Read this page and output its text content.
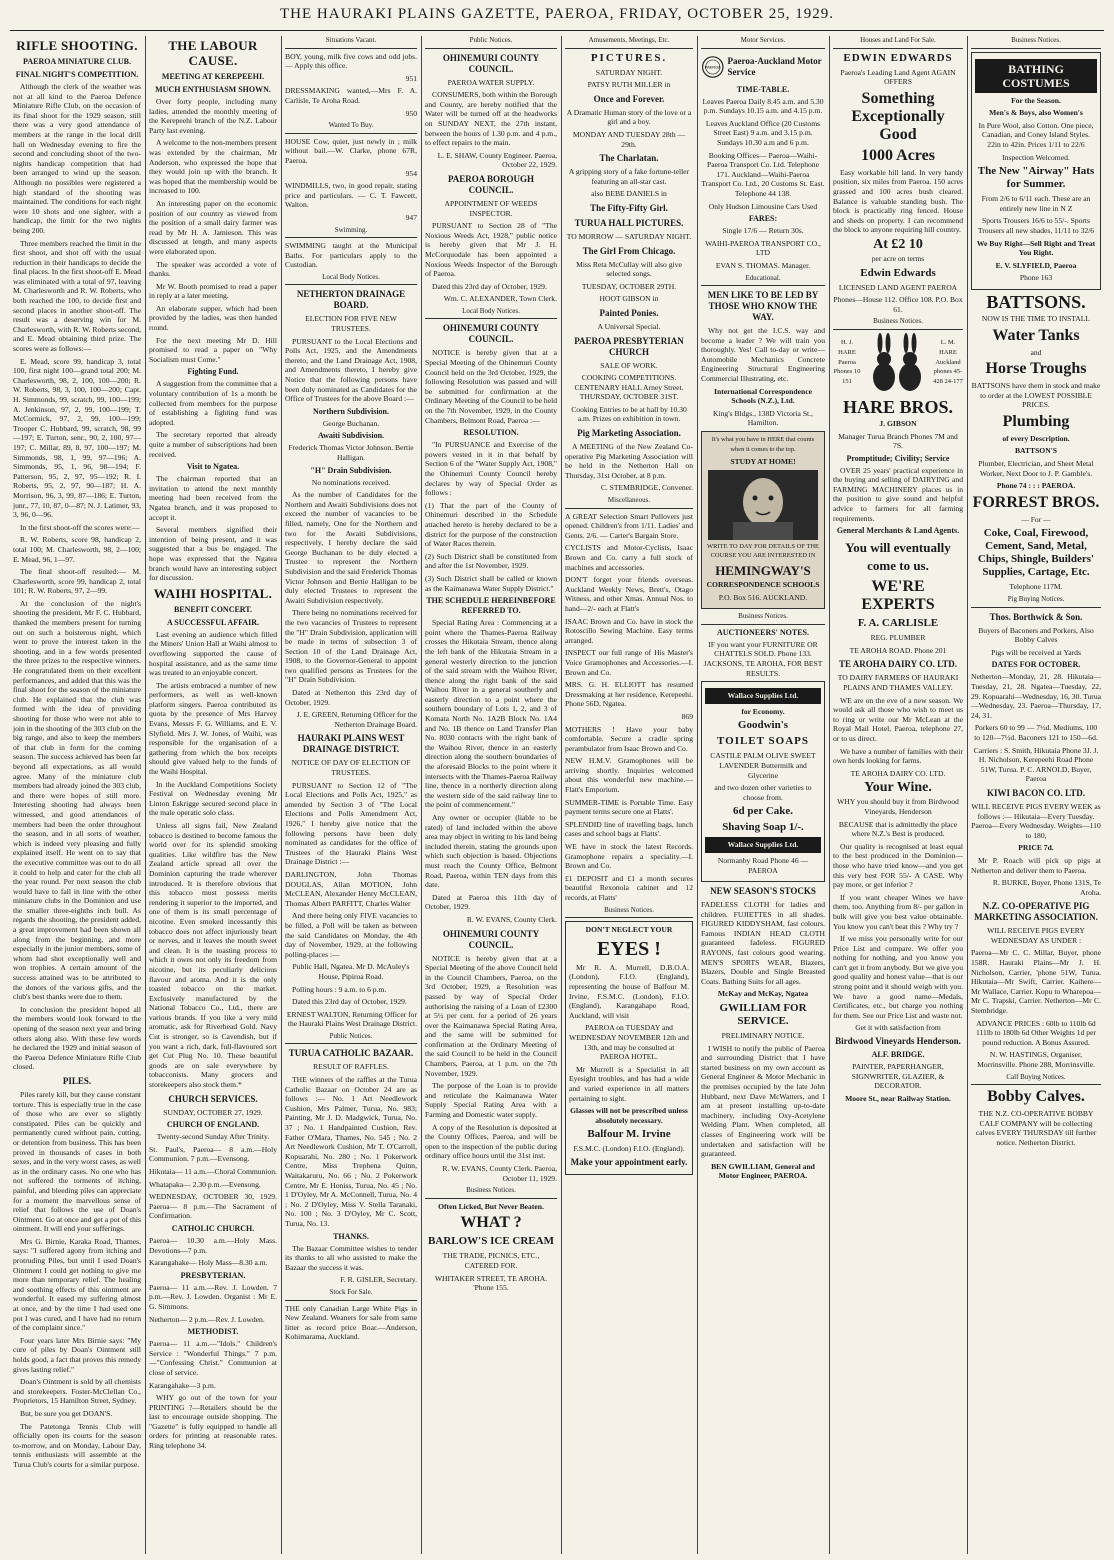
THE HAURAKI PLAINS GAZETTE, PAEROA, FRIDAY, OCTOBER 25, 1929.
RIFLE SHOOTING.
PAEROA MINIATURE CLUB.
FINAL NIGHT'S COMPETITION.

Although the clerk of the weather was not at all kind to the Paeroa Defence Miniature Rifle Club, on the occasion of its final shoot for the 1929 season, still there was a very good attendance of members at the range in the local drill hall on Wednesday evening to fire the second and concluding shoot of the two-nights handicap competition that had been arranged to wind up the season. Although no possibles were registered a high standard of the shooting was maintained. The conditions for each night were 10 shots and one sighter, with a handicap, the limit for the two nights being 200.

Three members reached the limit in the first shoot, and shot off with the usual reduction in their handicaps to decide the final places. In the first shoot-off E. Mead was eliminated with a total of 97, leaving M. Charlesworth and R. W. Roberts, who both reached the 100, to decide first and second places in another shoot-off. The result was a deserving win for M. Charlesworth, with R. W. Roberts second, and E. Mead obtaining third prize. The scores were as follows:—

E. Mead, score 99, handicap 3, total 100, first night 100—grand total 200; M. Charlesworth, 98, 2, 100, 100—200; R. W. Roberts, 98, 3, 100, 100—200; Capt. H. Simmonds, 99, scratch, 99, 100—199; A. Jenkinson, 97, 2, 99, 100—199; T. McCormick, 97, 2, 99, 100—199; Trooper C. Hubbard, 99, scratch, 98, 99—197; E. Turton, senr., 90, 2, 100, 97—197; C. Millar, 89, 8, 97, 100—197; M. Simmonds, 98, 1, 99, 97—196; A. Simmonds, 95, 1, 96, 98—194; F. Patterson, 95, 2, 97, 95—192; R. I. Roberts, 95, 2, 97, 90—187; H. A. Morrison, 96, 3, 99, 87—186; E. Turton, junr., 77, 10, 87, 0—87; N. J. Latimer, 93, 3, 96, 0—96.

In the first shoot-off the scores were:—

R. W. Roberts, score 98, handicap 2, total 100; M. Charlesworth, 98, 2—100; E. Mead, 96, 1—97.

The final shoot-off resulted:— M. Charlesworth, score 99, handicap 2, total 101; R. W. Roberts, 97, 2—99.

At the conclusion of the night's shooting the president, Mr F. C. Hubbard, thanked the members present for turning out on such a boisterous night, which went to prove the interest taken in the shooting, and in a few words presented the three prizes to the respective winners. He congratulated them on their excellent performances, and added that this was the final shoot for the season of the miniature club. He explained that the club was formed with the idea of providing shooting for those who were not able to join in the shooting of the 303 club on the big range, and also to keep the members of that club in form for the coming season. The success achieved has been far beyond all expectations, as all would agree. Many of the miniature club members had already joined the 303 club, and there were hopes of still more. Interesting shooting had always been witnessed, and good attendances of members had been the order throughout the season, and in all sorts of weather, which is indeed very pleasing and fully explained itself. He went on to say that the executive committee was out to do all it could to help and cater for the club all the year round. Per next season the club would have to fall in line with the other miniature clubs in the Dominion and use the smaller three-eighths inch bull. As regards the shooting, the president added, a great improvement had been shown all along from the beginning, and more especially in the junior members, some of whom had shot exceptionally well and won trophies. A certain amount of the success attained was to be attributed to the donors of the various gifts, and the club's best thanks were due to them.

In conclusion the president hoped all the members would look forward to the opening of the season next year and bring others along also. With these few words he declared the 1929 and initial season of the Paeroa Defence Miniature Rifle Club closed.

PILES.

Piles rarely kill, but they cause constant torture. This is especially true in the case of those who are ever so slightly constipated. Piles can be quickly and permanently cured without pain, cutting, or detention from business. This has been proved in thousands of cases in both sexes, and in the very worst cases, as well as in the ordinary cases. No one who has not suffered the torments of itching, painful, and bleeding piles can appreciate for a moment the marvellous sense of relief that follows the use of Doan's Ointment. Go at once and get a pot of this ointment. It will end your sufferings.

Mrs G. Birnie, Karaka Road, Thames, says: "I suffered agony from itching and protruding Piles, but until I used Doan's Ointment I could get nothing to give me more than temporary relief. The healing and soothing effects of this ointment are wonderful. It eased my suffering almost at once, and by the time I had used one pot I was cured, and I have had no return of the complaint since."

Four years later Mrs Birnie says: "My cure of piles by Doan's Ointment still holds good, a fact that proves this remedy gives lasting relief."

Doan's Ointment is sold by all chemists and storekeepers. Foster-McClellan Co., Proprietors, 15 Hamilton Street, Sydney.

But, be sure you get DOAN'S.

The Patetonga Tennis Club will officially open its courts for the season to-morrow, and on Monday, Labour Day, tennis enthusiasts will assemble at the Turua Club's courts for a similar purpose.

THE LABOUR CAUSE.
MEETING AT KEREPEEHI.
MUCH ENTHUSIASM SHOWN.

Over forty people, including many ladies, attended the monthly meeting of the Kerepeehi branch of the N.Z. Labour Party last evening.

A welcome to the non-members present was extended by the chairman, Mr Anderson, who expressed the hope that they would join up with the branch. It was hoped that the membership would be increased to 100.

An interesting paper on the economic position of our country as viewed from the position of a small dairy farmer was read by Mr H. A. Jamieson. This was discussed at length, and many aspects were elaborated upon.

The speaker was accorded a vote of thanks.

Mr W. Booth promised to read a paper in reply at a later meeting.

An elaborate supper, which had been provided by the ladies, was then handed round.

For the next meeting Mr D. Hill promised to read a paper on "Why Socialism must Come."

Fighting Fund.

A suggestion from the committee that a voluntary contribution of 1s a month be collected from members for the purpose of establishing a fighting fund was adopted.

The secretary reported that already quite a number of subscriptions had been received.

Visit to Ngatea.

The chairman reported that an invitation to attend the next monthly meeting had been received from the Ngatea branch, and it was proposed to accept it.

Several members signified their intention of being present, and it was suggested that a bus be engaged. The hope was expressed that the Ngatea branch would have an interesting subject for discussion.

WAIHI HOSPITAL.
BENEFIT CONCERT.
A SUCCESSFUL AFFAIR.

Last evening an audience which filled the Miners' Union Hall at Waihi almost to overflowing supported the cause of hospital assistance, and as the same time was treated to an enjoyable concert.

The artists embraced a number of new performers, as well as well-known platform singers. Paeroa contributed its quota by the presence of Mrs Harvey Evans, Messrs F. G. Williams, and E. V. Slyfield. Mrs J. W. Jones, of Waihi, was responsible for the organisation of a gathering from which the box receipts should give valued help to the funds of the Waihi Hospital.

In the Auckland Competitions Society Festival on Wednesday evening Mr Linton Eskrigge secured second place in the male operatic solo class.

Unless all signs fail, New Zealand tobacco is destined to become famous the world over for its splendid smoking qualities. Like wildfire has the New Zealand article spread all over the Dominion capturing the trade wherever introduced. It is therefore obvious that this tobacco must possess merits rendering it superior to the imported, and one of them is its small percentage of nicotine. Even smoked incessantly this tobacco does not affect injuriously heart or nerves, and it leaves the mouth sweet and clean. It is the toasting process to which it owes not only its freedom from nicotine, but its peculiarly delicious flavour and aroma. And it is the only toasted tobacco on the market. Exclusively manufactured by the National Tobacco Co., Ltd., there are various brands. If you like a very mild aromatic, ask for Riverhead Gold. Navy Cut is stronger, so is Cavendish, but if you want a rich, dark, full-flavoured sort get Cut Plug No. 10. These beautiful goods are on sale everywhere by tobacconists. Many grocers and storekeepers also stock them.*

CHURCH SERVICES.

SUNDAY, OCTOBER 27, 1929.

CHURCH OF ENGLAND.

Twenty-second Sunday After Trinity.

St. Paul's, Paeroa— 8 a.m.—Holy Communion. 7 p.m.—Evensong.

Hikutaia— 11 a.m.—Choral Communion.

Whatapaka— 2.30 p.m.—Evensong.

WEDNESDAY, OCTOBER 30, 1929. Paeroa— 8 p.m.—The Sacrament of Confirmation.

CATHOLIC CHURCH.

Paeroa— 10.30 a.m.—Holy Mass. Devotions—7 p.m.

Karangahake— Holy Mass—8.30 a.m.

PRESBYTERIAN.

Paeroa— 11 a.m.—Rev. J. Lowden. 7 p.m.—Rev. J. Lowden. Organist : Mr E. G. Simmons.

Netherton— 2 p.m.—Rev. J. Lowden.

METHODIST.

Paeroa— 11 a.m.—"Idols." Children's Service : "Wonderful Things." 7 p.m.—"Confessing Christ." Communion at close of service.

Karangahake—3 p.m.

WHY go out of the town for your PRINTING ?—Retailers should be the last to encourage outside shopping. The "Gazette" is fully equipped to handle all orders for printing at reasonable rates. Ring telephone 34.

Situations Vacant.

BOY, young, milk five cows and odd jobs. — Apply this office.

951

DRESSMAKING wanted,—Mrs F. A. Carlisle, Te Aroha Road.

950

Wanted To Buy.

HOUSE Cow, quiet, just newly in ; milk without bail.—W. Clarke, phone 67R, Paeroa.

954

WINDMILLS, two, in good repair, stating price and particulars. — C. T. Fawcett, Walton.

947

Swimming.

SWIMMING taught at the Municipal Baths. For particulars apply to the Custodian.

Local Body Notices.
NETHERTON DRAINAGE BOARD.

ELECTION FOR FIVE NEW TRUSTEES.

PURSUANT to the Local Elections and Polls Act, 1925, and the Amendments thereto, and the Land Drainage Act, 1908, and Amendments thereto, I hereby give Notice that the following persons have been duly nominated as Candidates for the Office of Trustees for the above Board :—

Northern Subdivision.

George Buchanan.

Awaiti Subdivision.

Frederick Thomas Victor Johnson. Bertie Halligan.

"H" Drain Subdivision.

No nominations received.

As the number of Candidates for the Northern and Awaiti Subdivisions does not exceed the number of vacancies to be filled, namely, One for the Northern and two for the Awaiti Subdivisions, respectively, I hereby declare the said George Buchanan to be duly elected a Trustee to represent the Northern Subdivision and the said Frederick Thomas Victor Johnson and Bertie Halligan to be duly elected Trustees to represent the Awaiti Subdivision respectively.

There being no nominations received for the two vacancies of Trustees to represent the "H" Drain Subdivision, application will be made in terms of subsection 3 of Section 10 of the Land Drainage Act, 1908, to the Governor-General to appoint two qualified persons as Trustees for the "H" Drain Subdivision.

Dated at Netherton this 23rd day of October, 1929.

J. E. GREEN, Returning Officer for the Netherton Drainage Board.

HAURAKI PLAINS WEST DRAINAGE DISTRICT.

NOTICE OF DAY OF ELECTION OF TRUSTEES.

PURSUANT to Section 12 of "The Local Elections and Polls Act, 1925," as amended by Section 3 of "The Local Elections and Polls Amendment Act, 1926," I hereby give notice that the following persons have been duly nominated as candidates for the office of Trustees of the Hauraki Plains West Drainage District :—

DARLINGTON, John Thomas DOUGLAS, Allan MOTION, John McCLEAN, Alexander Henry McCLEAN, Thomas Albert PARFITT, Charles Walter

And there being only FIVE vacancies to be filled, a Poll will be taken as between the said Candidates on Monday, the 4th day of November, 1929, at the following polling-places :—

Public Hall, Ngatea. Mr D. McAuley's House, Pipiroa Road.

Polling hours : 9 a.m. to 6 p.m.

Dated this 23rd day of October, 1929.

ERNEST WALTON, Returning Officer for the Hauraki Plains West Drainage District.

Public Notices.
TURUA CATHOLIC BAZAAR.

RESULT OF RAFFLES.

THE winners of the raffles at the Turua Catholic Bazaar on October 24 are as follows :— No. 1 Art Needlework Cushion, Mrs Palmer, Turua, No. 983; Painting, Mr J. D. Madgwick, Turua, No. 37 ; No. 1 Handpainted Cushion, Rev. Father O'Mara, Thames, No. 545 ; No. 2 Art Needlework Cushion, Mr T. O'Carroll, Kopuarahi, No. 280 ; No. 1 Pokerwork Centre, Miss Trephena Quinn, Waitakaruru, No. 66 ; No. 2 Pokerwork Centre, Mr E. Honiss, Turua, No. 45 ; No. 1 D'Oyley, Mr A. McConnell, Turua, No. 4 ; No. 2 D'Oyley, Miss V. Stella Taranaki, No. 100 ; No. 3 D'Oyley, Mr C. Scott, Turua, No. 13.

THANKS.

The Bazaar Committee wishes to tender its thanks to all who assisted to make the Bazaar the success it was.

F. R. GISLER, Secretary.

Stock For Sale.

THE only Canadian Large White Pigs in New Zealand. Weaners for sale from same litter as record price Boar.—Anderson, Kohimarama, Auckland.

Public Notices.
OHINEMURI COUNTY COUNCIL.

PAEROA WATER SUPPLY.

CONSUMERS, both within the Borough and County, are hereby notified that the Water will be turned off at the headworks on SUNDAY NEXT, the 27th instant, between the hours of 1.30 p.m. and 4 p.m., to effect repairs to the main.

L. E. SHAW, County Engineer. Paeroa, October 22, 1929.

PAEROA BOROUGH COUNCIL.

APPOINTMENT OF WEEDS INSPECTOR.

PURSUANT to Section 28 of "The Noxious Weeds Act, 1928," public notice is hereby given that Mr J. H. McCorquodale has been appointed a Noxious Weeds Inspector of the Borough of Paeroa.

Dated this 23rd day of October, 1929.

Wm. C. ALEXANDER, Town Clerk.

Local Body Notices.
OHINEMURI COUNTY COUNCIL.

NOTICE is hereby given that at a Special Meeting of the Ohinemuri County Council held on the 3rd October, 1929, the following Resolution was passed and will be submitted for confirmation at the Ordinary Meeting of the Council to be held on the 7th November, 1929, in the County Chambers, Belmont Road, Paeroa :—

RESOLUTION.

"In PURSUANCE and Exercise of the powers vested in it in that behalf by Section 6 of the "Water Supply Act, 1908," the Ohinemuri County Council hereby declares by way of Special Order as follows :

(1) That the part of the County of Ohinemuri described in the Schedule attached hereto is hereby declared to be a district for the purpose of the construction of Water Races therein.

(2) Such District shall be constituted from and after the 1st November, 1929.

(3) Such District shall be called or known as the Kaimanawa Water Supply District."

THE SCHEDULE HEREINBEFORE REFERRED TO.

Special Rating Area : Commencing at a point where the Thames-Paeroa Railway crosses the Hikutaia Stream, thence along the left bank of the Hikutaia Stream in a general westerly direction to the junction of the said stream with the Waihou River, thence along the right bank of the said Waihou River in a general southerly and easterly direction to a point where the southern boundary of Lots 1, 2, and 3 of Komata North No. 1A2B Block No. 1A4 and No. 1B thence on Land Transfer Plan No. 8030 contacts with the right bank of the Waihou River, thence in an easterly direction along the southern boundaries of the aforesaid Blocks to the point where it intersects with the Thames-Paeroa Railway line, thence in a northerly direction along the western side of the said railway line to the point of commencement."

Any owner or occupier (liable to be rated) of land included within the above area may object in writing to his land being included therein, stating the grounds upon which such objection is based. Objections must reach the County Office, Belmont Road, Paeroa, within TEN days from this date.

Dated at Paeroa this 11th day of October, 1929.

R. W. EVANS, County Clerk.

OHINEMURI COUNTY COUNCIL.

NOTICE is hereby given that at a Special Meeting of the above Council held in the Council Chambers, Paeroa, on the 3rd October, 1929, a Resolution was passed by way of Special Order authorising the raising of a Loan of £2300 at 5½ per cent. for a period of 26 years over the Kaimanawa Special Rating Area, and the same will be submitted for confirmation at the Ordinary Meeting of the said Council to be held in the Council Chambers, Paeroa, at 1 p.m. on the 7th November, 1929.

The purpose of the Loan is to provide and reticulate the Kaimanawa Water Supply Special Rating Area with a Farming and Domestic water supply.

A copy of the Resolution is deposited at the County Offices, Paeroa, and will be open to the inspection of the public during ordinary office hours until the 31st inst.

R. W. EVANS, County Clerk. Paeroa, October 11, 1929.

Business Notices.

Often Licked, But Never Beaten.

WHAT ?
BARLOW'S ICE CREAM

THE TRADE, PICNICS, ETC., CATERED FOR.

WHITAKER STREET, TE AROHA. 'Phone 155.

Amusements, Meetings, Etc.
PICTURES.

SATURDAY NIGHT.

PATSY RUTH MILLER in

Once and Forever.

A Dramatic Human story of the love or a girl and a boy.

MONDAY AND TUESDAY 28th — 29th.

The Charlatan.

A gripping story of a fake fortune-teller featuring an all-star cast.

also BEBE DANIELS in

The Fifty-Fifty Girl.
TURUA HALL PICTURES.

TO MORROW — SATURDAY NIGHT.

The Girl From Chicago.

Miss Reta McCullay will also give selected songs.

TUESDAY, OCTOBER 29TH.

HOOT GIBSON in

Painted Ponies.

A Universal Special.

PAEROA PRESBYTERIAN CHURCH

SALE OF WORK.

COOKING COMPETITIONS. CENTENARY HALL Arney Street. THURSDAY, OCTOBER 31ST.

Cooking Entries to be at hall by 10.30 a.m. Prizes on exhibition in town.

Pig Marketing Association.

A MEETING of the New Zealand Co-operative Pig Marketing Association will be held in the Netherton Hall on Thursday, 31st October, at 8 p.m.

C. STEMBRIDGE, Convener.

Miscellaneous.

A GREAT Selection Smart Pullovers just opened. Children's from 1/11. Ladies' and Gents. 2/6. — Carter's Bargain Store.

CYCLISTS and Motor-Cyclists, Isaac Brown and Co. carry a full stock of machines and accessories.

DON'T forget your friends overseas. Auckland Weekly News, Brett's, Otago Witness, and other Xmas. Annual Nos. to hand—2/- each at Flatt's

ISAAC Brown and Co. have in stock the Rotoscillo Sewing Machine. Easy terms arranged.

INSPECT our full range of His Master's Voice Gramophones and Accessories.—I. Brown and Co.

MRS. G. H. ELLIOTT has resumed Dressmaking at her residence, Kerepeehi. Phone 56D, Ngatea.

869

MOTHERS ! Have your baby comfortable. Secure a cradle spring perambulator from Isaac Brown and Co.

NEW H.M.V. Gramophones will be arriving shortly. Inquiries welcomed about this wonderful new machine.—Flatt's Emporium.

SUMMER-TIME is Portable Time. Easy payment terms secure one at Flatts'.

SPLENDID line of travelling bags, lunch cases and school bags at Flatts'.

WE have in stock the latest Records. Gramophone repairs a speciality.—I. Brown and Co.

£1 DEPOSIT and £1 a month secures beautiful Rexonola cabinet and 12 records, at Flatts'

Business Notices.

DON'T NEGLECT YOUR

EYES !

Mr R. A. Murrell, D.B.O.A. (London), F.I.O. (England), representing the house of Balfour M. Irvine, F.S.M.C. (London), F.I.O. (England), Karangahape Road, Auckland, will visit

PAEROA on TUESDAY and WEDNESDAY NOVEMBER 12th and 13th, and may be consulted at PAEROA HOTEL.

Mr Murrell is a Specialist in all Eyesight troubles, and has had a wide and varied experience in all matters pertaining to sight.

Glasses will not be prescribed unless absolutely necessary.

Balfour M. Irvine

F.S.M.C. (London) F.I.O. (England).

Make your appointment early.

Motor Services.
PAEROA
Paeroa-Auckland Motor Service
TIME-TABLE.

Leaves Paeroa Daily 8.45 a.m. and 5.30 p.m. Sundays 10.15 a.m. and 4.15 p.m.

Leaves Auckland Office (20 Customs Street East) 9 a.m. and 3.15 p.m. Sundays 10.30 a.m and 6 p.m.

Booking Offices— Paeroa—Waihi-Paeroa Transport Co. Ltd. Telephone 171. Auckland—Waihi-Paeroa Transport Co. Ltd., 20 Customs St. East. Telephone 44 138.

Only Hudson Limousine Cars Used

FARES:

Single 17/6 — Return 30s.

WAIHI-PAEROA TRANSPORT CO., LTD

EVAN S. THOMAS. Manager.

Educational.
MEN LIKE TO BE LED BY THOSE WHO KNOW THE WAY.

Why not get the I.C.S. way and become a leader ? We will train you thoroughly. Yes! Call to-day or write— Automobile Mechanics Concrete Engineering Structural Engineering Commercial Illustrating, etc.

International Correspondence Schools (N.Z.), Ltd.

King's Bldgs., 138D Victoria St., Hamilton.

It's what you have in HERE that counts when it comes to the top.

STUDY AT HOME!

WRITE TO DAY FOR DETAILS OF THE COURSE YOU ARE INTERESTED IN

HEMINGWAY'S

CORRESPONDENCE SCHOOLS

P.O. Box 516. AUCKLAND.

Business Notices.
AUCTIONEERS' NOTES.

IF you want your FURNITURE OR CHATTELS SOLD. Phone 133. JACKSONS, TE AROHA, FOR BEST RESULTS.

Wallace Supplies Ltd.

for Economy.

Goodwin's
TOILET SOAPS

CASTILE PALM OLIVE SWEET LAVENDER Buttermilk and Glycerine

and two dozen other varieties to choose from.

6d per Cake.
Shaving Soap 1/-.
Wallace Supplies Ltd.

Normanby Road Phone 46 — PAEROA

NEW SEASON'S STOCKS

FADELESS CLOTH for ladies and children. FUJIETTES in all shades. FIGURED KIDDYSHAM, fast colours. Famous INDIAN HEAD CLOTH guaranteed fadeless. FIGURED RAYONS, fast colours good wearing. MEN'S SPORTS WEAR, Blazers, Blazers, Double and Single Breasted Coats. Bathing Suits for all ages.

McKay and McKay, Ngatea

GWILLIAM FOR SERVICE.

PRELIMINARY NOTICE.

I WISH to notify the public of Paeroa and surrounding District that I have started business on my own account as General Engineer & Motor Mechanic in the premises occupied by the late John Hubbard, next Dave McWatters, and I am at present installing up-to-date machinery, including Oxy-Acetylene Welding Plant. When completed, all classes of Engineering work will be undertaken and satisfaction will be guaranteed.

BEN GWILLIAM, General and Motor Engineer, PAEROA.

Houses and Land For Sale.
EDWIN EDWARDS

Paeroa's Leading Land Agent AGAIN OFFERS

Something Exceptionally Good
1000 Acres

Easy workable hill land. In very handy position, six miles from Paeroa. 150 acres grassed and 100 acres bush cleared. Balance is valuable standing bush. The block is practically ring fenced. House and sheds on property. I can recommend the block to anyone requiring hill country.

At £2 10

per acre on terms

Edwin Edwards

LICENSED LAND AGENT PAEROA

Phones—House 112. Office 108. P.O. Box 61.

Business Notices.

H. J. HARE Paeroa Phones 10 151

L. M. HARE Auckland phones 45-428 24-177

HARE BROS.

J. GIBSON

Manager Turua Branch Phones 7M and 7S.

Promptitude; Civility; Service

OVER 25 years' practical experience in the buying and selling of DAIRYING and FARMING MACHINERY places us in the position to give sound and helpful advice to farmers for all farming requirements.

General Merchants & Land Agents.
You will eventually come to us.
WE'RE EXPERTS
F. A. CARLISLE

REG. PLUMBER

TE AROHA ROAD. Phone 201

TE AROHA DAIRY CO. LTD.

TO DAIRY FARMERS OF HAURAKI PLAINS AND THAMES VALLEY.

WE are on the eve of a new season. We would ask all those who wish to meet us to ring or write our Mr McLean at the Royal Mail Hotel, Paeroa, telephone 27, or to us direct.

We have a number of families with their own herds looking for farms.

TE AROHA DAIRY CO. LTD.

Your Wine.

WHY you should buy it from Birdwood Vineyards, Henderson

BECAUSE that is admittedly the place where N.Z.'s Best is produced.

Our quality is recognised at least equal to the best produced in the Dominion—those who have tried know—and you get this very best FOR 55/- A CASE. Why pay more, or get inferior ?

If you want cheaper Wines we have them, too. Anything from 8/- per gallon in bulk will give you best value obtainable. You know you can't beat this ? Why try ?

If we miss you personally write for our Price List and compare. We offer you nothing for nothing, and you know you can't get it from anybody. But we give you good quality and honest value—that is our strong point and it should weigh with you. We have a good name—Medals, Certificates, etc., but charge you nothing for them. See our Price List and waste not.

Get it with satisfaction from

Birdwood Vineyards Henderson.

ALF. BRIDGE.

PAINTER, PAPERHANGER, SIGNWRITER, GLAZIER, & DECORATOR.

Moore St., near Railway Station.

Business Notices.
BATHING COSTUMES

For the Season.

Men's & Boys, also Women's

In Pure Wool, also Cotton. One piece, Canadian, and Coney Island Styles. 22in to 42in. Prices 1/11 to 22/6

Inspection Welcomed.

The New "Airway" Hats for Summer.

From 2/6 to 6/11 each. These are an entirely new line in N Z

Sports Trousers 16/6 to 55/-. Sports Trousers all new shades, 11/11 to 32/6

We Buy Right—Sell Right and Treat You Right.

E. V. SLYFIELD, Paeroa

Phone 163

BATTSONS.

NOW IS THE TIME TO INSTALL

Water Tanks

and

Horse Troughs

BATTSONS have them in stock and make to order at the LOWEST POSSIBLE PRICES.

Plumbing

of every Description.

BATTSON'S

Plumber, Electrician, and Sheet Metal Worker, Next Door to J. P. Gamble's.

Phone 74 : : : PAEROA.

FORREST BROS.

— For —

Coke, Coal, Firewood, Cement, Sand, Metal, Chips, Shingle, Builders' Supplies, Cartage, Etc.

Telephone 117M.

Pig Buying Notices.
Thos. Borthwick & Son.

Buyers of Baconers and Porkers, Also Bobby Calves

Pigs will be received at Yards

DATES FOR OCTOBER.

Netherton—Monday, 21, 28. Hikutaia—Tuesday, 21, 28. Ngatea—Tuesday, 22, 29. Kopuarahi—Wednesday, 16, 30. Turua—Wednesday, 23. Paeroa—Thursday, 17, 24, 31.

Porkers 60 to 99 — 7½d. Mediums, 100 to 120—7½d. Baconers 121 to 150—6d.

Carriers : S. Smith, Hikutaia Phone 3J. J. H. Nicholson, Kerepeehi Road Phone 51W, Turua. P. C. ARNOLD, Buyer, Paeroa

KIWI BACON CO. LTD.

WILL RECEIVE PIGS EVERY WEEK as follows :— Hikutaia—Every Tuesday. Paeroa—Every Wednesday. Weights—110 to 180,

PRICE 7d.

Mr P. Roach will pick up pigs at Netherton and deliver them to Paeroa.

R. BURKE, Buyer, Phone 131S, Te Aroha.

N.Z. CO-OPERATIVE PIG MARKETING ASSOCIATION.

WILL RECEIVE PIGS EVERY WEDNESDAY AS UNDER :

Paeroa—Mr C. C. Millar, Buyer, phone 158R. Hauraki Plains—Mr J. H. Nicholson, Carrier, 'phone 51W, Turua. Hikutaia—Mr Swift, Carrier. Kaihere—Mr Wallace, Carrier. Kopu to Wharepoa—Mr C. Trapski, Carrier. Netherton—Mr C. Stembridge.

ADVANCE PRICES : 60lb to 110lb 6d 111lb to 180lb 6d Other Weights 1d per pound reduction. A Bonus Assured.

N. W. HASTINGS, Organiser, Morrinsville. Phone 288, Morrinsville.

Calf Buying Notices.
Bobby Calves.

THE N.Z. CO-OPERATIVE BOBBY CALF COMPANY will be collecting calves EVERY THURSDAY till further notice. Netherton District.
